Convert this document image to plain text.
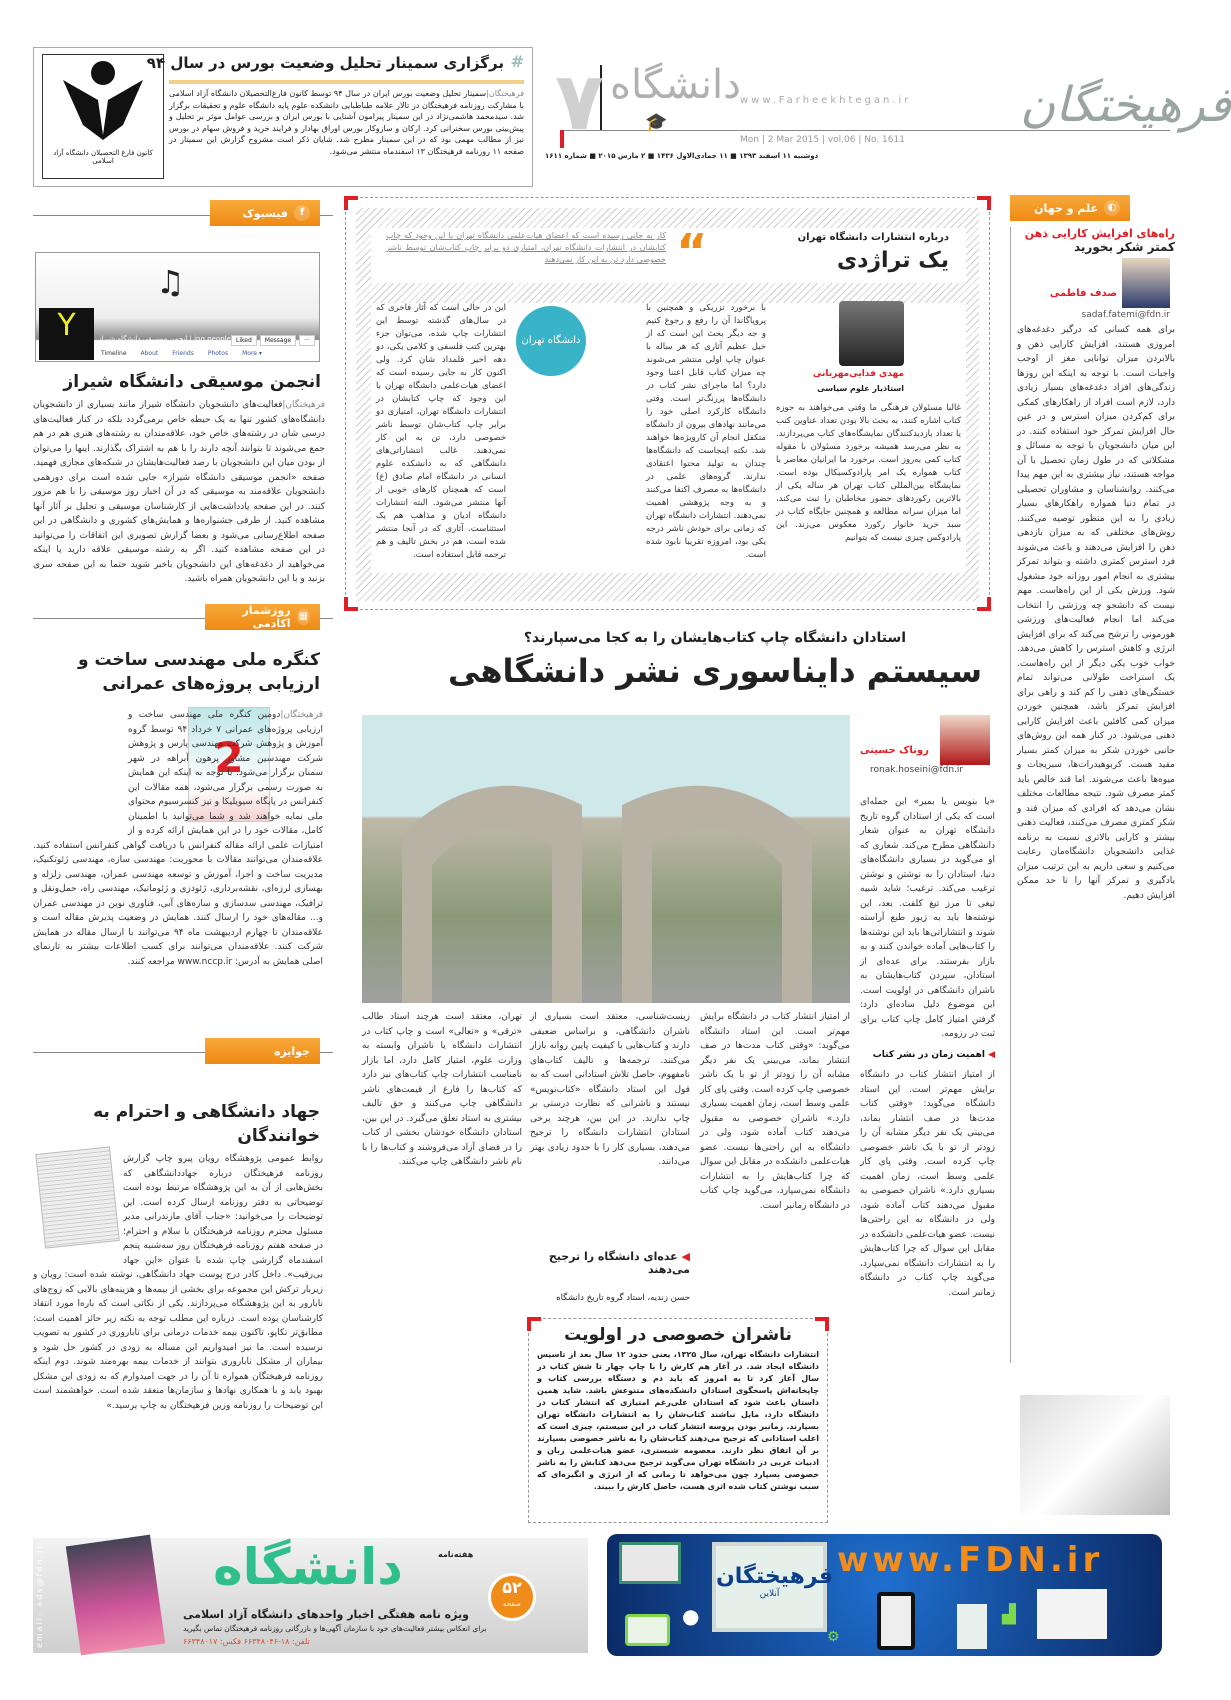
فرهیختگان
دانشگاه
۷ 🎓
www.Farheekhtegan.ir
Mon | 2 Mar 2015 | vol.06 | No. 1611
دوشنبه ۱۱ اسفند ۱۳۹۳ ■ ۱۱ جمادی‌الاول ۱۴۳۶ ■ ۲ مارس ۲۰۱۵ ■ شماره ۱۶۱۱
کانون فارغ التحصیلان دانشگاه آزاد اسلامی
برگزاری سمینار تحلیل وضعیت بورس در سال ۹۴ #
فرهیختگان|سمینار تحلیل وضعیت بورس ایران در سال ۹۴ توسط کانون فارغ‌التحصیلان دانشگاه آزاد اسلامی با مشارکت روزنامه فرهیختگان در تالار علامه طباطبایی دانشکده علوم پایه دانشگاه علوم و تحقیقات برگزار شد. سیدمحمد هاشمی‌نژاد در این سمینار پیرامون آشنایی با بورس ایران و بررسی عوامل موثر بر تحلیل و پیش‌بینی بورس سخنرانی کرد. ارکان و سازوکار بورس اوراق بهادار و فرایند خرید و فروش سهام در بورس نیز از مطالب مهمی بود که در این سمینار مطرح شد. شایان ذکر است مشروح گزارش این سمینار در صفحه ۱۱ روزنامه فرهیختگان ۱۳ اسفندماه منتشر می‌شود.
◐
علم و جهان
راه‌های افزایش کارایی ذهن
کمتر شکر بخورید
صدف فاطمی
sadaf.fatemi@fdn.ir
برای همه کسانی که درگیر دغدغه‌های امروزی هستند، افزایش کارایی ذهن و بالابردن میزان توانایی مغز از اوجب واجبات است. با توجه به اینکه این روزها زندگی‌های افراد دغدغه‌های بسیار زیادی دارد، لازم است افراد از راهکارهای کمکی برای کم‌کردن میزان استرس و در عین حال افزایش تمرکز خود استفاده کنند. در این میان دانشجویان با توجه به مسائل و مشکلاتی که در طول زمان تحصیل با آن مواجه هستند، نیاز بیشتری به این مهم پیدا می‌کنند. روانشناسان و مشاوران تحصیلی در تمام دنیا همواره راهکارهای بسیار زیادی را به این منظور توصیه می‌کنند. روش‌های مختلفی که به میزان بازدهی ذهن را افزایش می‌دهند و باعث می‌شوند فرد استرس کمتری داشته و بتواند تمرکز بیشتری به انجام امور روزانه خود مشغول شود. ورزش یکی از این راه‌هاست. مهم نیست که دانشجو چه ورزشی را انتخاب می‌کند اما انجام فعالیت‌های ورزشی هورمونی را ترشح می‌کند که برای افزایش انرژی و کاهش استرس را کاهش می‌دهد. خواب خوب یکی دیگر از این راه‌هاست. یک استراحت طولانی می‌تواند تمام خستگی‌های ذهنی را کم کند و راهی برای افزایش تمرکز باشد. همچنین خوردن میزان کمی کافئین باعث افزایش کارایی ذهنی می‌شود. در کنار همه این روش‌های جانبی خوردن شکر به میزان کمتر بسیار مفید هست. کربوهیدرات‌ها، سبزیجات و میوه‌ها باعث می‌شوند. اما قند خالص باید کمتر مصرف شود. نتیجه مطالعات مختلف نشان می‌دهد که افرادی که میزان قند و شکر کمتری مصرف می‌کنند، فعالیت ذهنی بیشتر و کارایی بالاتری نسبت به برنامه غذایی دانشجویان دانشگاه‌مان رعایت می‌کنیم و سعی داریم به این ترتیب میزان یادگیری و تمرکز آنها را تا حد ممکن افزایش دهیم.
درباره انتشارات دانشگاه تهران
یک تراژدی
“
کار به جایی رسیده است که اعضای هیات‌علمی دانشگاه تهران با این وجود که چاپ کتابشان در انتشارات دانشگاه تهران، امتیازی دو برابر چاپ کتاب‌شان توسط ناشر خصوصی دارد تن به این کار نمی‌دهند
مهدی فدایی‌مهربانی
استادیار علوم سیاسی
غالبا مسئولان فرهنگی ما وقتی می‌خواهند به حوزه کتاب اشاره کنند، به بحث بالا بودن تعداد عناوین کتب یا تعداد بازدیدکنندگان نمایشگاه‌های کتاب می‌پردازند. به نظر می‌رسد همیشه برخورد مسئولان با مقوله کتاب کمی به‌روز است. برخورد ما ایرانیان معاصر با کتاب همواره یک امر پارادوکسیکال بوده است. نمایشگاه بین‌المللی کتاب تهران هر ساله یکی از بالاترین رکوردهای حضور مخاطبان را ثبت می‌کند، اما میزان سرانه مطالعه و همچنین جایگاه کتاب در سبد خرید خانوار رکورد معکوس می‌زند. این پارادوکس چیزی نیست که بتوانیم
با برخورد تزریکی و همچنین با پروپاگاندا آن را رفع و رجوع کنیم و جه دیگر بحث این است که از خیل عظیم آثاری که هر ساله با عنوان چاپ اولی منتشر می‌شوند چه میزان کتاب قابل اعتنا وجود دارد؟ اما ماجرای نشر کتاب در دانشگاه‌ها پررنگ‌تر است. وقتی دانشگاه کارکرد اصلی خود را می‌مانند نهادهای بیرون از دانشگاه متکفل انجام آن کارویژه‌ها خواهند شد. نکته اینجاست که دانشگاه‌ها چندان به تولید محتوا اعتقادی ندارند. گروه‌های علمی در دانشگاه‌ها به مصرف اکتفا می‌کنند و به وجه پژوهشی اهمیت نمی‌دهند. انتشارات دانشگاه تهران که زمانی برای خودش ناشر درجه یکی بود، امروزه تقریبا نابود شده است.
دانشگاه تهران
این در حالی است که آثار فاخری که در سال‌های گذشته توسط این انتشارات چاپ شده، می‌توان جزء بهترین کتب فلسفی و کلامی یکی، دو دهه اخیر قلمداد شان کرد. ولی اکنون کار به جایی رسیده است که اعضای هیات‌علمی دانشگاه تهران با این وجود که چاپ کتابشان در انتشارات دانشگاه تهران، امتیازی دو برابر چاپ کتاب‌شان توسط ناشر خصوصی دارد، تن به این کار نمی‌دهند. غالب انتشاراتی‌های دانشگاهی که به دانشکده علوم انسانی در دانشگاه امام صادق (ع) است که همچنان کارهای خوبی از آنها منتشر می‌شود. البته انتشارات دانشگاه ادیان و مذاهب هم یک استثناست. آثاری که در آنجا منتشر شده است، هم در بخش تالیف و هم ترجمه قابل استفاده است.
استادان دانشگاه چاپ کتاب‌هایشان را به کجا می‌سپارند؟
سیستم دایناسوری نشر دانشگاهی
روناک حسینی
ronak.hoseini@fdn.ir
«یا بنویس یا بمیر» این جمله‌ای است که یکی از استادان گروه تاریخ دانشگاه تهران به عنوان شعار دانشگاهی مطرح می‌کند. شعاری که او می‌گوید در بسیاری دانشگاه‌های دنیا، استادان را به نوشتن و نوشتن ترغیب می‌کند. ترغیب؛ شاید شبیه تیغی تا مرز تیغ کلفت. بعد، این نوشته‌ها باید به زیور طبع آراسته شوند و انتشاراتی‌ها باید این نوشته‌ها را کتاب‌هایی آماده خواندن کنند و به بازار بفرستند. برای عده‌ای از استادان، سپردن کتاب‌هایشان به ناشران دانشگاهی در اولویت است. این موضوع دلیل ساده‌ای دارد: گرفتن امتیاز کامل چاپ کتاب برای ثبت در رزومه.
◀ اهمیت زمان در نشر کتاب
از امتیاز انتشار کتاب در دانشگاه برایش مهم‌تر است. این استاد دانشگاه می‌گوید: «وقتی کتاب مدت‌ها در صف انتشار بماند، می‌بینی یک نفر دیگر مشابه آن را زودتر از تو با یک ناشر خصوصی چاپ کرده است. وقتی پای کار علمی وسط است، زمان اهمیت بسیاری دارد.» ناشران خصوصی به مقبول می‌دهند کتاب آماده شود، ولی در دانشگاه به این راحتی‌ها نیست. عضو هیات‌علمی دانشکده در مقابل این سوال که چرا کتاب‌هایش را به انتشارات دانشگاه نمی‌سپارد، می‌گوید چاپ کتاب در دانشگاه زمانبر است.
از امتیاز انتشار کتاب در دانشگاه برایش مهم‌تر است. این استاد دانشگاه می‌گوید: «وقتی کتاب مدت‌ها در صف انتشار بماند، می‌بینی یک نفر دیگر مشابه آن را زودتر از تو با یک ناشر خصوصی چاپ کرده است. وقتی پای کار علمی وسط است، زمان اهمیت بسیاری دارد.» ناشران خصوصی به مقبول می‌دهند کتاب آماده شود، ولی در دانشگاه به این راحتی‌ها نیست. عضو هیات‌علمی دانشکده در مقابل این سوال که چرا کتاب‌هایش را به انتشارات دانشگاه نمی‌سپارد، می‌گوید چاپ کتاب در دانشگاه زمانبر است.
زیست‌شناسی، معتقد است بسیاری از ناشران دانشگاهی، و براساس ضعیفی دارند و کتاب‌هایی با کیفیت پایین روانه بازار می‌کنند. ترجمه‌ها و تالیف کتاب‌های نامفهوم، حاصل تلاش استادانی است که به قول این استاد دانشگاه «کتاب‌نویس» نیستند و ناشرانی که نظارت درستی بر چاپ ندارند. در این بین، هرچند برخی استادان انتشارات دانشگاه را ترجیح می‌دهند، بسیاری کار را با حدود زیادی بهتر می‌دانند.
◀ عده‌ای دانشگاه را ترجیح می‌دهند
حسن زندیه، استاد گروه تاریخ دانشگاه
تهران، معتقد است هرچند استاد طالب «ترقی» و «تعالی» است و چاپ کتاب در انتشارات دانشگاه یا ناشران وابسته به وزارت علوم، امتیاز کامل دارد، اما بازار نامناسب انتشارات چاپ کتاب‌های نیز دارد که کتاب‌ها را فارغ از قیمت‌های ناشر دانشگاهی چاپ می‌کنند و حق تالیف بیشتری به استاد تعلق می‌گیرد. در این بین، استادان دانشگاه خودشان بخشی از کتاب را در فضای آزاد می‌فروشند و کتاب‌ها را با نام ناشر دانشگاهی چاپ می‌کنند.
ناشران خصوصی در اولویت
انتشارات دانشگاه تهران، سال ۱۳۲۵، یعنی حدود ۱۲ سال بعد از تاسیس دانشگاه ایجاد شد. در آغاز هم کارش را با چاپ چهار تا شش کتاب در سال آغاز کرد تا به امروز که باید دم و دستگاه بررسی کتاب و چاپخانه‌اش پاسخگوی استادان دانشکده‌های متنوعش باشد. شاید همین داستان باعث شود که استادان علی‌رغم امتیازی که انتشار کتاب در دانشگاه دارد، مایل نباشند کتاب‌شان را به انتشارات دانشگاه تهران بسپارند. زمانبر بودن پروسه انتشار کتاب در این سیستم، چیزی است که اغلب استادانی که ترجیح می‌دهند کتاب‌شان را به ناشر خصوصی بسپارند بر آن اتفاق نظر دارند. معصومه شبستری، عضو هیات‌علمی زبان و ادبیات عربی در دانشگاه تهران می‌گوید ترجیح می‌دهد کتابش را به ناشر خصوصی بسپارد چون می‌خواهد تا زمانی که از انرژی و انگیزه‌ای که سبب نوشتن کتاب شده اثری هست، حاصل کارش را ببیند.
f
فیسبوک
♫
Y	انجمن موسیقی دانشگاه شیراز | ing people Liked	Message	···
Timeline About Friends Photos More ▾
انجمن موسیقی دانشگاه شیراز
فرهیختگان|فعالیت‌های دانشجویان دانشگاه شیراز مانند بسیاری از دانشجویان دانشگاه‌های کشور تنها به یک حیطه خاص برمی‌گردد بلکه در کنار فعالیت‌های درسی شان در رشته‌های خاص خود، علاقه‌مندان به رشته‌های هنری هم در هم جمع می‌شوند تا بتوانند آنچه دارند را با هم به اشتراک بگذارند. اینها را می‌توان از بودن میان این دانشجویان با رصد فعالیت‌هایشان در شبکه‌های مجازی فهمید. صفحه «انجمن موسیقی دانشگاه شیراز» جایی شده است برای دورهمی دانشجویان علاقه‌مند به موسیقی که در آن اخبار روز موسیقی را با هم مرور کنند. در این صفحه یادداشت‌هایی از کارشناسان موسیقی و تحلیل بر آثار آنها مشاهده کنید. از طرفی جشنواره‌ها و همایش‌های کشوری و دانشگاهی در این صفحه اطلاع‌رسانی می‌شود و بعضا گزارش تصویری این اتفاقات را می‌توانید در این صفحه مشاهده کنید. اگر به رشته موسیقی علاقه دارید یا اینکه می‌خواهید از دغدغه‌های این دانشجویان باخبر شوید حتما به این صفحه سری بزنید و با این دانشجویان همراه باشید.
▦
روزشمار اکادمی
کنگره ملی مهندسی ساخت و ارزیابی پروژه‌های عمرانی
2
فرهیختگان|دومین کنگره ملی مهندسی ساخت و ارزیابی پروژه‌های عمرانی ۷ خرداد ۹۴ توسط گروه آموزش و پژوهش شرکت مهندسی پارس و پژوهش شرکت مهندسین مشاور پرهون آبراهه در شهر سمنان برگزار می‌شود. با توجه به اینکه این همایش به صورت رسمی برگزار می‌شود، همه مقالات این کنفرانس در پایگاه سیویلیکا و نیز کنسرسیوم محتوای ملی نمایه خواهند شد و شما می‌توانید با اطمینان کامل، مقالات خود را در این همایش ارائه کرده و از امتیازات علمی ارائه مقاله کنفرانس با دریافت گواهی کنفرانس استفاده کنید. علاقه‌مندان می‌توانند مقالات با محوریت: مهندسی سازه، مهندسی ژئوتکنیک، مدیریت ساخت و اجرا، آموزش و توسعه مهندسی عمران، مهندسی زلزله و بهسازی لرزه‌ای، نقشه‌برداری، ژئودزی و ژئوماتیک، مهندسی راه، حمل‌ونقل و ترافیک، مهندسی سدسازی و سازه‌های آبی، فناوری نوین در مهندسی عمران و... مقاله‌های خود را ارسال کنند. همایش در وضعیت پذیرش مقاله است و علاقه‌مندان تا چهارم اردیبهشت ماه ۹۴ می‌توانند با ارسال مقاله در همایش شرکت کنند. علاقه‌مندان می‌توانند برای کسب اطلاعات بیشتر به تارنمای اصلی همایش به آدرس: www.nccp.ir مراجعه کنند.
جوایزه
جهاد دانشگاهی و احترام به خوانندگان
روابط عمومی پژوهشگاه رویان پیرو چاپ گزارش روزنامه فرهیختگان درباره جهاددانشگاهی که بخش‌هایی از آن به این پژوهشگاه مرتبط بوده است توضیحاتی به دفتر روزنامه ارسال کرده است. این توضیحات را می‌خوانید: «جناب آقای مازندرانی مدیر مسئول محترم روزنامه فرهیختگان با سلام و احترام؛ در صفحه هفتم روزنامه فرهیختگان روز سه‌شنبه پنجم اسفندماه گزارشی چاپ شده با عنوان «این جهاد بی‌رقیب». داخل کادر درج پوست جهاد دانشگاهی، نوشته شده است: رویان و زیربار ترکش این مجموعه برای بخشی از بیمه‌ها و هزینه‌های بالایی که زوج‌های نابارور به این پژوهشگاه می‌پردازند. یکی از نکاتی است که باره‌ا مورد انتقاد کارشناسان بوده است. درباره این مطلب توجه به نکته زیر حائز اهمیت است: مطابق‌تر تکاپو، تاکنون بیمه خدمات درمانی برای ناباروری در کشور به تصویب نرسیده است. ما نیز امیدواریم این مساله به زودی در کشور حل شود و بیماران از مشکل ناباروری بتوانند از خدمات بیمه بهره‌مند شوند. دوم اینکه روزنامه فرهیختگان همواره تا آن را در جهت امیدوارم که به زودی این مشکل بهبود یابد و با همکاری نهادها و سازمان‌ها منعقد شده است. خواهشمند است این توضیحات را روزنامه وزین فرهیختگان به چاپ برسید.»
email: ads@fdn.ir	هفته‌نامه
دانشگاه
ویژه نامه هفتگی اخبار واحدهای دانشگاه آزاد اسلامی
برای انعکاس بیشتر فعالیت‌های خود با سازمان آگهی‌ها و بازرگانی روزنامه فرهیختگان تماس بگیرید
تلفن: ۱۸-۶۶۳۴۸۰۴۶ فکس: ۶۶۳۴۸۰۱۷
۵۲
صفحه
فرهیختگان
آنلاین
www.FDN.ir
▟
●
⚙
